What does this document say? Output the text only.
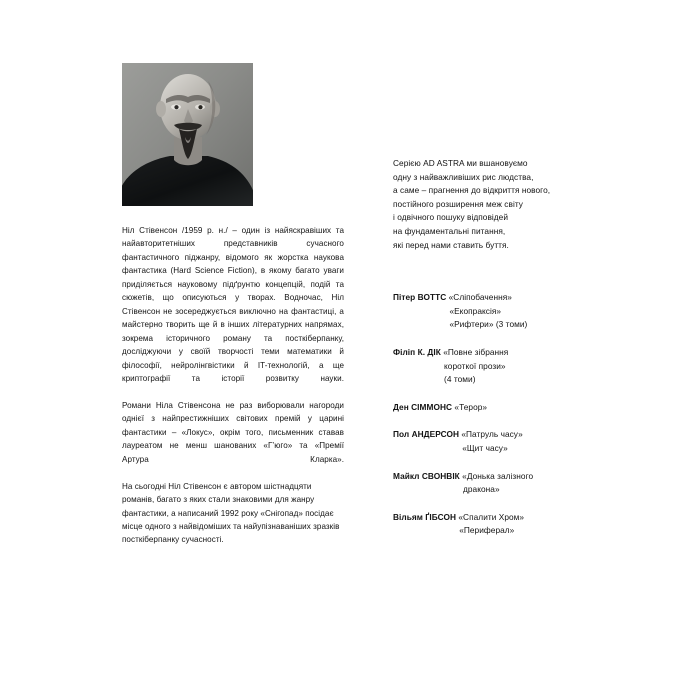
Ніл Стівенсон /1959 р. н./ – один із найяскравіших та найавторитетніших представників сучасного фантастичного піджанру, відомого як жорстка наукова фантастика (Hard Science Fiction), в якому багато уваги приділяється науковому підґрунтю концепцій, подій та сюжетів, що описуються у творах. Водночас, Ніл Стівенсон не зосереджується виключно на фантастиці, а майстерно творить ще й в інших літературних напрямах, зокрема історичного роману та посткіберпанку, досліджуючи у своїй творчості теми математики й філософії, нейролінгвістики й IT-технологій, а ще криптографії та історії розвитку науки.

Романи Ніла Стівенсона не раз виборювали нагороди однієї з найпрестижніших світових премій у царині фантастики – «Локус», окрім того, письменник ставав лауреатом не менш шанованих «Г’юго» та «Премії Артура Кларка».

На сьогодні Ніл Стівенсон є автором шістнадцяти романів, багато з яких стали знаковими для жанру фантастики, а написаний 1992 року «Снігопад» посідає місце одного з найвідоміших та найупізнаваніших зразків посткіберпанку сучасності.

Серією AD ASTRA ми вшановуємо
одну з найважливіших рис людства,
а саме – прагнення до відкриття нового,
постійного розширення меж світу
і одвічного пошуку відповідей
на фундаментальні питання,
які перед нами ставить буття.
Пітер ВОТТС «Сліпобачення»
«Екопраксія»
«Рифтери» (3 томи)
Філіп К. ДІК «Повне зібрання
короткої прози»
(4 томи)
Ден СІММОНС «Терор»
Пол АНДЕРСОН «Патруль часу»
«Щит часу»
Майкл СВОНВІК «Донька залізного
дракона»
Вільям ҐІБСОН «Спалити Хром»
«Периферал»
